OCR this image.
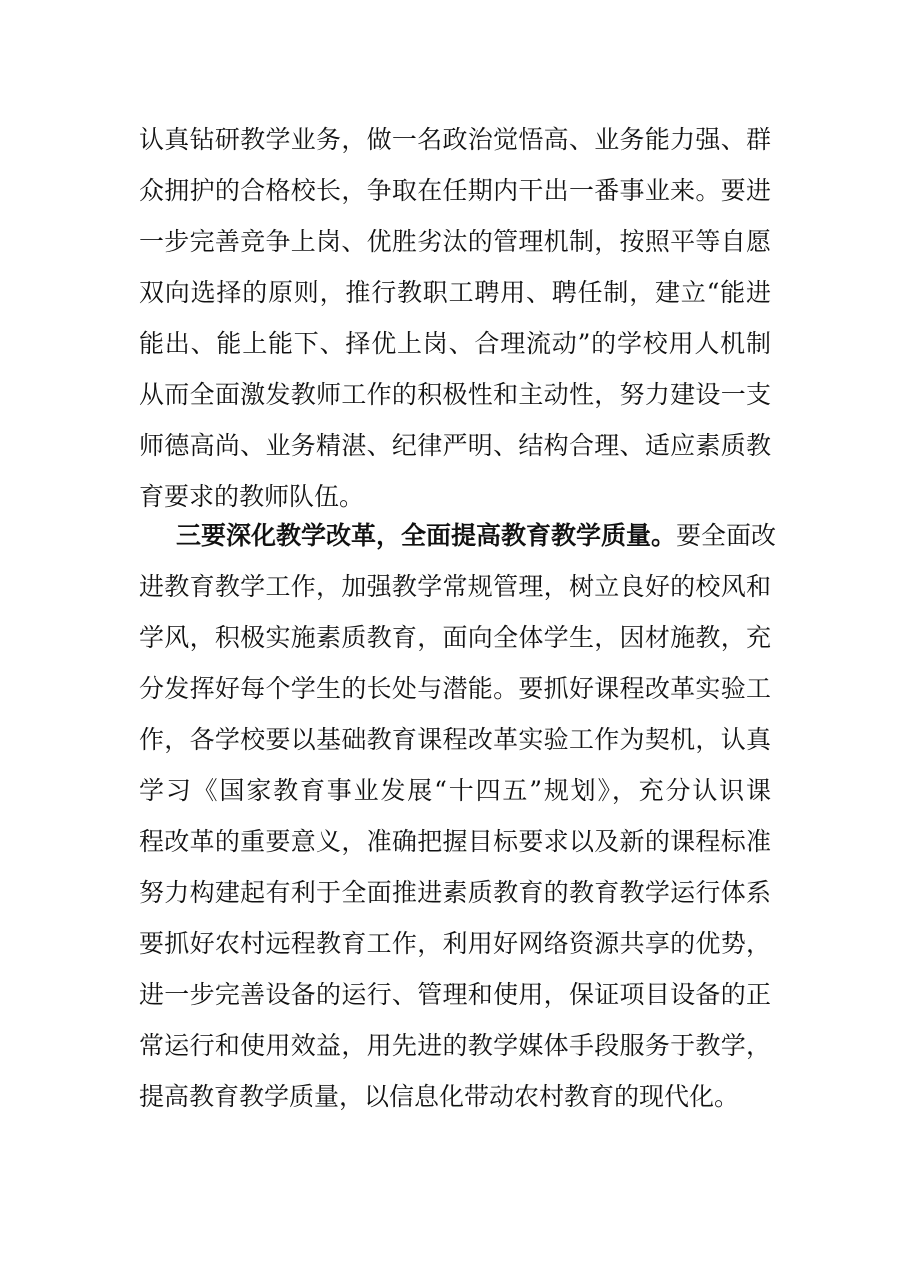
认真钻研教学业务，做一名政治觉悟高、业务能力强、群

众拥护的合格校长，争取在任期内干出一番事业来。要进

一步完善竞争上岗、优胜劣汰的管理机制，按照平等自愿

双向选择的原则，推行教职工聘用、聘任制，建立“能进

能出、能上能下、择优上岗、合理流动”的学校用人机制

从而全面激发教师工作的积极性和主动性，努力建设一支

师德高尚、业务精湛、纪律严明、结构合理、适应素质教

育要求的教师队伍。

三要深化教学改革，全面提高教育教学质量。要全面改

进教育教学工作，加强教学常规管理，树立良好的校风和

学风，积极实施素质教育，面向全体学生，因材施教，充

分发挥好每个学生的长处与潜能。要抓好课程改革实验工

作，各学校要以基础教育课程改革实验工作为契机，认真

学习《国家教育事业发展“十四五”规划》，充分认识课

程改革的重要意义，准确把握目标要求以及新的课程标准

努力构建起有利于全面推进素质教育的教育教学运行体系

要抓好农村远程教育工作，利用好网络资源共享的优势，

进一步完善设备的运行、管理和使用，保证项目设备的正

常运行和使用效益，用先进的教学媒体手段服务于教学，

提高教育教学质量，以信息化带动农村教育的现代化。
